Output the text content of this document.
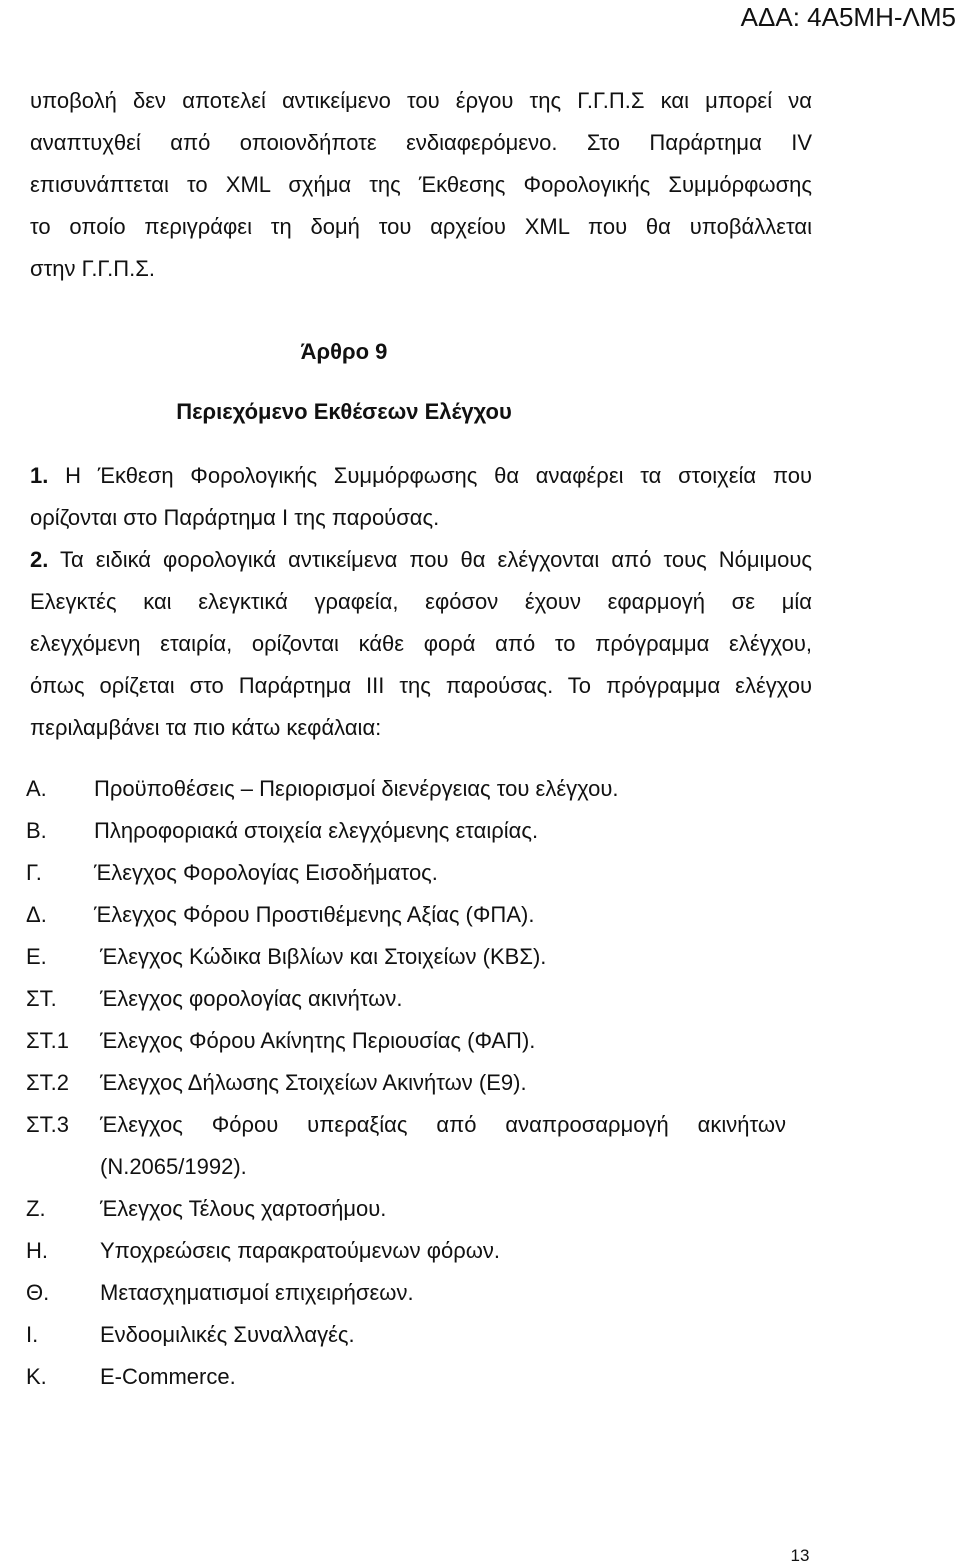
ΑΔΑ: 4Α5ΜΗ-ΛΜ5

υποβολή δεν αποτελεί αντικείμενο του έργου της Γ.Γ.Π.Σ και μπορεί να

αναπτυχθεί από οποιονδήποτε ενδιαφερόμενο. Στο Παράρτημα IV

επισυνάπτεται το XML σχήμα της Έκθεσης Φορολογικής Συμμόρφωσης

το οποίο περιγράφει τη δομή του αρχείου XML που θα υποβάλλεται

στην Γ.Γ.Π.Σ.

Άρθρο 9

Περιεχόμενο Εκθέσεων Ελέγχου

1. Η Έκθεση Φορολογικής Συμμόρφωσης θα αναφέρει τα στοιχεία που

ορίζονται στο Παράρτημα Ι της παρούσας.

2. Τα ειδικά φορολογικά αντικείμενα που θα ελέγχονται από τους Νόμιμους

Ελεγκτές και ελεγκτικά γραφεία, εφόσον έχουν εφαρμογή σε μία

ελεγχόμενη εταιρία, ορίζονται κάθε φορά από το πρόγραμμα ελέγχου,

όπως ορίζεται στο Παράρτημα ΙΙΙ της παρούσας. Το πρόγραμμα ελέγχου

περιλαμβάνει τα πιο κάτω κεφάλαια:

Α. Προϋποθέσεις – Περιορισμοί διενέργειας του ελέγχου.
Β. Πληροφοριακά στοιχεία ελεγχόμενης εταιρίας.
Γ. Έλεγχος Φορολογίας Εισοδήματος.
Δ. Έλεγχος Φόρου Προστιθέμενης Αξίας (ΦΠΑ).
Ε. Έλεγχος Κώδικα Βιβλίων και Στοιχείων (ΚΒΣ).
ΣΤ. Έλεγχος φορολογίας ακινήτων.
ΣΤ.1 Έλεγχος Φόρου Ακίνητης Περιουσίας (ΦΑΠ).
ΣΤ.2 Έλεγχος Δήλωσης Στοιχείων Ακινήτων (Ε9).
ΣΤ.3 Έλεγχος Φόρου υπεραξίας από αναπροσαρμογή ακινήτων
(Ν.2065/1992).
Ζ. Έλεγχος Τέλους χαρτοσήμου.
Η. Υποχρεώσεις παρακρατούμενων φόρων.
Θ. Μετασχηματισμοί επιχειρήσεων.
Ι.	Ενδοομιλικές Συναλλαγές.
Κ. E-Commerce.

13
